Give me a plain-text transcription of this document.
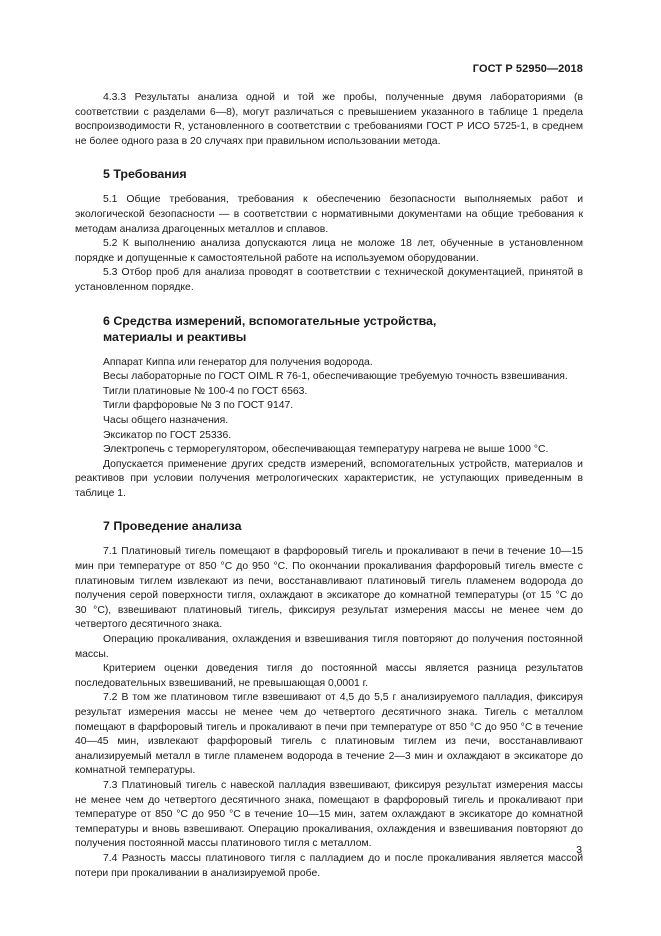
ГОСТ Р 52950—2018

4.3.3 Результаты анализа одной и той же пробы, полученные двумя лабораториями (в соответствии с разделами 6—8), могут различаться с превышением указанного в таблице 1 предела воспроизводимости R, установленного в соответствии с требованиями ГОСТ Р ИСО 5725-1, в среднем не более одного раза в 20 случаях при правильном использовании метода.

5 Требования

5.1 Общие требования, требования к обеспечению безопасности выполняемых работ и экологической безопасности — в соответствии с нормативными документами на общие требования к методам анализа драгоценных металлов и сплавов.

5.2 К выполнению анализа допускаются лица не моложе 18 лет, обученные в установленном порядке и допущенные к самостоятельной работе на используемом оборудовании.

5.3 Отбор проб для анализа проводят в соответствии с технической документацией, принятой в установленном порядке.

6 Средства измерений, вспомогательные устройства,
материалы и реактивы

Аппарат Киппа или генератор для получения водорода.

Весы лабораторные по ГОСТ OIML R 76-1, обеспечивающие требуемую точность взвешивания.

Тигли платиновые № 100-4 по ГОСТ 6563.

Тигли фарфоровые № 3 по ГОСТ 9147.

Часы общего назначения.

Эксикатор по ГОСТ 25336.

Электропечь с терморегулятором, обеспечивающая температуру нагрева не выше 1000 °С.

Допускается применение других средств измерений, вспомогательных устройств, материалов и реактивов при условии получения метрологических характеристик, не уступающих приведенным в таблице 1.

7 Проведение анализа

7.1 Платиновый тигель помещают в фарфоровый тигель и прокаливают в печи в течение 10—15 мин при температуре от 850 °С до 950 °С. По окончании прокаливания фарфоровый тигель вместе с платиновым тиглем извлекают из печи, восстанавливают платиновый тигель пламенем водорода до получения серой поверхности тигля, охлаждают в эксикаторе до комнатной температуры (от 15 °С до 30 °С), взвешивают платиновый тигель, фиксируя результат измерения массы не менее чем до четвертого десятичного знака.

Операцию прокаливания, охлаждения и взвешивания тигля повторяют до получения постоянной массы.

Критерием оценки доведения тигля до постоянной массы является разница результатов последовательных взвешиваний, не превышающая 0,0001 г.

7.2 В том же платиновом тигле взвешивают от 4,5 до 5,5 г анализируемого палладия, фиксируя результат измерения массы не менее чем до четвертого десятичного знака. Тигель с металлом помещают в фарфоровый тигель и прокаливают в печи при температуре от 850 °С до 950 °С в течение 40—45 мин, извлекают фарфоровый тигель с платиновым тиглем из печи, восстанавливают анализируемый металл в тигле пламенем водорода в течение 2—3 мин и охлаждают в эксикаторе до комнатной температуры.

7.3 Платиновый тигель с навеской палладия взвешивают, фиксируя результат измерения массы не менее чем до четвертого десятичного знака, помещают в фарфоровый тигель и прокаливают при температуре от 850 °С до 950 °С в течение 10—15 мин, затем охлаждают в эксикаторе до комнатной температуры и вновь взвешивают. Операцию прокаливания, охлаждения и взвешивания повторяют до получения постоянной массы платинового тигля с металлом.

7.4 Разность массы платинового тигля с палладием до и после прокаливания является массой потери при прокаливании в анализируемой пробе.

3
